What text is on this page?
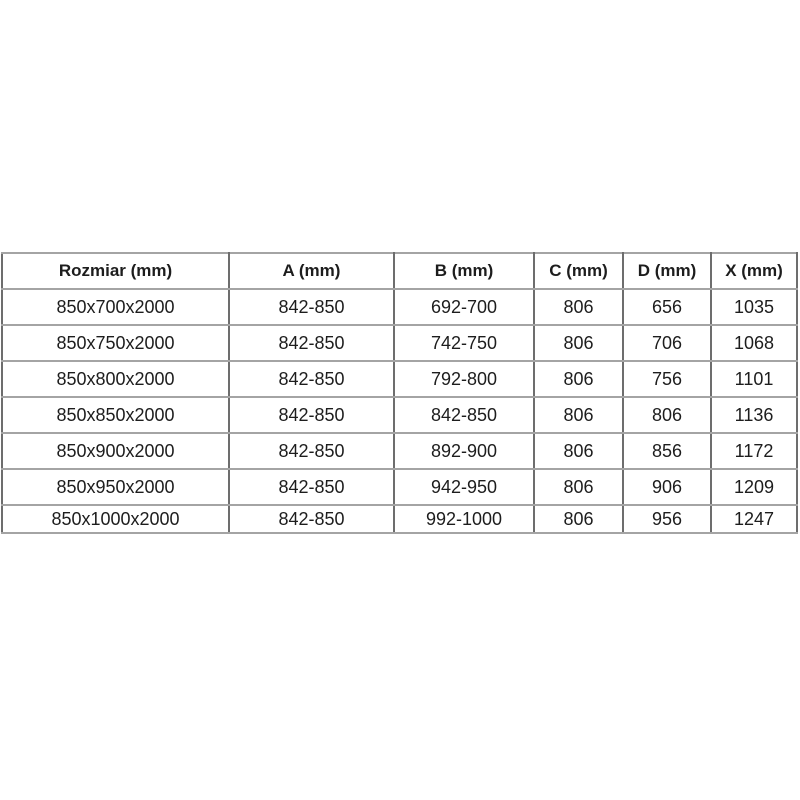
Rozmiar (mm)	A (mm)	B (mm)	C (mm)	D (mm)	X (mm)
850x700x2000	842-850	692-700	806	656	1035
850x750x2000	842-850	742-750	806	706	1068
850x800x2000	842-850	792-800	806	756	1101
850x850x2000	842-850	842-850	806	806	1136
850x900x2000	842-850	892-900	806	856	1172
850x950x2000	842-850	942-950	806	906	1209
850x1000x2000	842-850	992-1000	806	956	1247
